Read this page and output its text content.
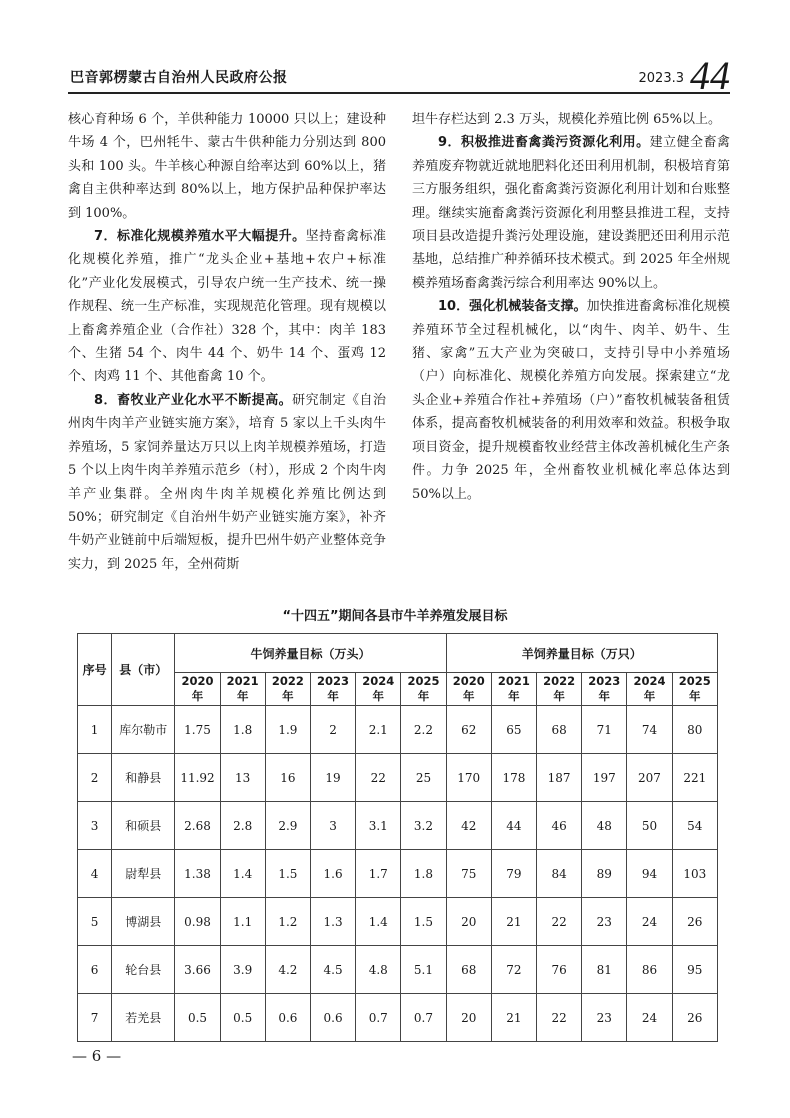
巴音郭楞蒙古自治州人民政府公报	2023.3 44

核心育种场 6 个，羊供种能力 10000 只以上；建设种牛场 4 个，巴州牦牛、蒙古牛供种能力分别达到 800 头和 100 头。牛羊核心种源自给率达到 60%以上，猪禽自主供种率达到 80%以上，地方保护品种保护率达到 100%。

7．标准化规模养殖水平大幅提升。坚持畜禽标准化规模化养殖，推广“龙头企业+基地+农户+标准化”产业化发展模式，引导农户统一生产技术、统一操作规程、统一生产标准，实现规范化管理。现有规模以上畜禽养殖企业（合作社）328 个，其中：肉羊 183 个、生猪 54 个、肉牛 44 个、奶牛 14 个、蛋鸡 12 个、肉鸡 11 个、其他畜禽 10 个。

8．畜牧业产业化水平不断提高。研究制定《自治州肉牛肉羊产业链实施方案》，培育 5 家以上千头肉牛养殖场，5 家饲养量达万只以上肉羊规模养殖场，打造 5 个以上肉牛肉羊养殖示范乡（村），形成 2 个肉牛肉羊产业集群。全州肉牛肉羊规模化养殖比例达到 50%；研究制定《自治州牛奶产业链实施方案》，补齐牛奶产业链前中后端短板，提升巴州牛奶产业整体竞争实力，到 2025 年，全州荷斯

坦牛存栏达到 2.3 万头，规模化养殖比例 65%以上。

9．积极推进畜禽粪污资源化利用。建立健全畜禽养殖废弃物就近就地肥料化还田利用机制，积极培育第三方服务组织，强化畜禽粪污资源化利用计划和台账整理。继续实施畜禽粪污资源化利用整县推进工程，支持项目县改造提升粪污处理设施，建设粪肥还田利用示范基地，总结推广种养循环技术模式。到 2025 年全州规模养殖场畜禽粪污综合利用率达 90%以上。

10．强化机械装备支撑。加快推进畜禽标准化规模养殖环节全过程机械化，以“肉牛、肉羊、奶牛、生猪、家禽”五大产业为突破口，支持引导中小养殖场（户）向标准化、规模化养殖方向发展。探索建立“龙头企业+养殖合作社+养殖场（户）”畜牧机械装备租赁体系，提高畜牧机械装备的利用效率和效益。积极争取项目资金，提升规模畜牧业经营主体改善机械化生产条件。力争 2025 年，全州畜牧业机械化率总体达到 50%以上。

“十四五”期间各县市牛羊养殖发展目标
序号	县（市）	牛饲养量目标（万头）						羊饲养量目标（万只）					
		2020 年	2021 年	2022 年	2023 年	2024 年	2025 年	2020 年	2021 年	2022 年	2023 年	2024 年	2025 年
1	库尔勒市	1.75	1.8	1.9	2	2.1	2.2	62	65	68	71	74	80
2	和静县	11.92	13	16	19	22	25	170	178	187	197	207	221
3	和硕县	2.68	2.8	2.9	3	3.1	3.2	42	44	46	48	50	54
4	尉犁县	1.38	1.4	1.5	1.6	1.7	1.8	75	79	84	89	94	103
5	博湖县	0.98	1.1	1.2	1.3	1.4	1.5	20	21	22	23	24	26
6	轮台县	3.66	3.9	4.2	4.5	4.8	5.1	68	72	76	81	86	95
7	若羌县	0.5	0.5	0.6	0.6	0.7	0.7	20	21	22	23	24	26
— 6 —
